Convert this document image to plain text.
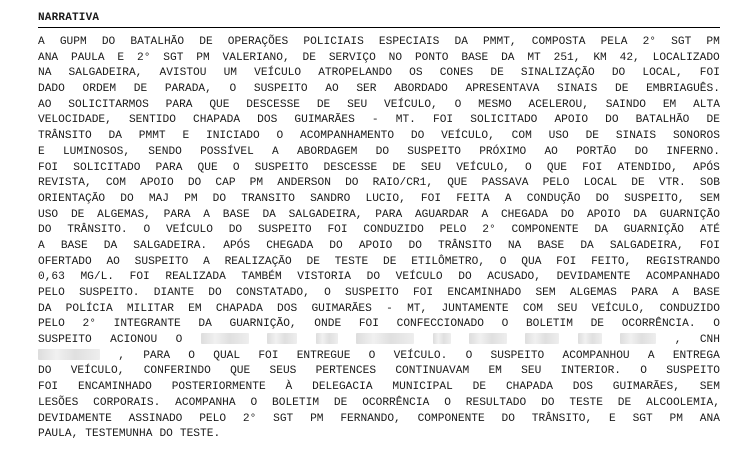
NARRATIVA
A GUPM DO BATALHÃO DE OPERAÇÕES POLICIAIS ESPECIAIS DA PMMT, COMPOSTA PELA 2° SGT PM
ANA PAULA E 2° SGT PM VALERIANO, DE SERVIÇO NO PONTO BASE DA MT 251, KM 42, LOCALIZADO
NA SALGADEIRA, AVISTOU UM VEÍCULO ATROPELANDO OS CONES DE SINALIZAÇÃO DO LOCAL, FOI
DADO ORDEM DE PARADA, O SUSPEITO AO SER ABORDADO APRESENTAVA SINAIS DE EMBRIAGUÊS.
AO SOLICITARMOS PARA QUE DESCESSE DE SEU VEÍCULO, O MESMO ACELEROU, SAINDO EM ALTA
VELOCIDADE, SENTIDO CHAPADA DOS GUIMARÃES - MT. FOI SOLICITADO APOIO DO BATALHÃO DE
TRÂNSITO DA PMMT E INICIADO O ACOMPANHAMENTO DO VEÍCULO, COM USO DE SINAIS SONOROS
E LUMINOSOS, SENDO POSSÍVEL A ABORDAGEM DO SUSPEITO PRÓXIMO AO PORTÃO DO INFERNO.
FOI SOLICITADO PARA QUE O SUSPEITO DESCESSE DE SEU VEÍCULO, O QUE FOI ATENDIDO, APÓS
REVISTA, COM APOIO DO CAP PM ANDERSON DO RAIO/CR1, QUE PASSAVA PELO LOCAL DE VTR. SOB
ORIENTAÇÃO DO MAJ PM DO TRANSITO SANDRO LUCIO, FOI FEITA A CONDUÇÃO DO SUSPEITO, SEM
USO DE ALGEMAS, PARA A BASE DA SALGADEIRA, PARA AGUARDAR A CHEGADA DO APOIO DA GUARNIÇÃO
DO TRÂNSITO. O VEÍCULO DO SUSPEITO FOI CONDUZIDO PELO 2° COMPONENTE DA GUARNIÇÃO ATÉ
A BASE DA SALGADEIRA. APÓS CHEGADA DO APOIO DO TRÂNSITO NA BASE DA SALGADEIRA, FOI
OFERTADO AO SUSPEITO A REALIZAÇÃO DE TESTE DE ETILÔMETRO, O QUA FOI FEITO, REGISTRANDO
0,63 MG/L. FOI REALIZADA TAMBÉM VISTORIA DO VEÍCULO DO ACUSADO, DEVIDAMENTE ACOMPANHADO
PELO SUSPEITO. DIANTE DO CONSTATADO, O SUSPEITO FOI ENCAMINHADO SEM ALGEMAS PARA A BASE
DA POLÍCIA MILITAR EM CHAPADA DOS GUIMARÃES - MT, JUNTAMENTE COM SEU VEÍCULO, CONDUZIDO
PELO 2° INTEGRANTE DA GUARNIÇÃO, ONDE FOI CONFECCIONADO O BOLETIM DE OCORRÊNCIA. O
SUSPEITO ACIONOU O	, CNH
, PARA O QUAL FOI ENTREGUE O VEÍCULO. O SUSPEITO ACOMPANHOU A ENTREGA
DO VEÍCULO, CONFERINDO QUE SEUS PERTENCES CONTINUAVAM EM SEU INTERIOR. O SUSPEITO
FOI ENCAMINHADO POSTERIORMENTE À DELEGACIA MUNICIPAL DE CHAPADA DOS GUIMARÃES, SEM
LESÕES CORPORAIS. ACOMPANHA O BOLETIM DE OCORRÊNCIA O RESULTADO DO TESTE DE ALCOOLEMIA,
DEVIDAMENTE ASSINADO PELO 2° SGT PM FERNANDO, COMPONENTE DO TRÂNSITO, E SGT PM ANA
PAULA, TESTEMUNHA DO TESTE.
